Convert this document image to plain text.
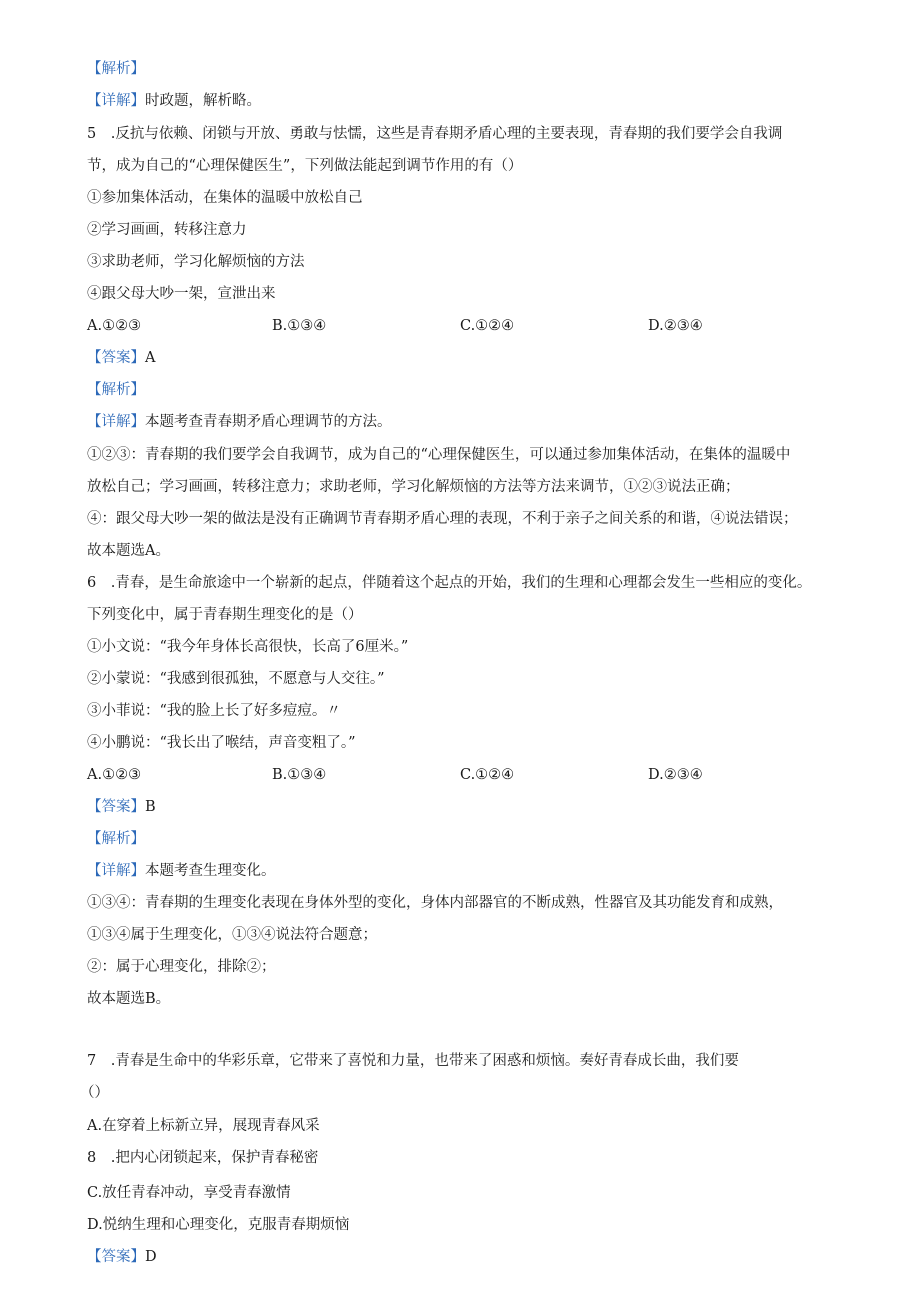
【解析】
【详解】时政题，解析略。
5　.反抗与依赖、闭锁与开放、勇敢与怯懦，这些是青春期矛盾心理的主要表现，青春期的我们要学会自我调
节，成为自己的“心理保健医生”，下列做法能起到调节作用的有（）
①参加集体活动，在集体的温暖中放松自己
②学习画画，转移注意力
③求助老师，学习化解烦恼的方法
④跟父母大吵一架，宣泄出来
A.①②③	B.①③④	C.①②④	D.②③④
【答案】A
【解析】
【详解】本题考查青春期矛盾心理调节的方法。
①②③：青春期的我们要学会自我调节，成为自己的“心理保健医生，可以通过参加集体活动，在集体的温暖中
放松自己；学习画画，转移注意力；求助老师，学习化解烦恼的方法等方法来调节，①②③说法正确；
④：跟父母大吵一架的做法是没有正确调节青春期矛盾心理的表现，不利于亲子之间关系的和谐，④说法错误；
故本题选A。
6　.青春，是生命旅途中一个崭新的起点，伴随着这个起点的开始，我们的生理和心理都会发生一些相应的变化。
下列变化中，属于青春期生理变化的是（）
①小文说：“我今年身体长高很快，长高了6厘米。”
②小蒙说：“我感到很孤独，不愿意与人交往。”
③小菲说：“我的脸上长了好多痘痘。〃
④小鹏说：“我长出了喉结，声音变粗了。”
A.①②③	B.①③④	C.①②④	D.②③④
【答案】B
【解析】
【详解】本题考查生理变化。
①③④：青春期的生理变化表现在身体外型的变化，身体内部器官的不断成熟，性器官及其功能发育和成熟，
①③④属于生理变化，①③④说法符合题意；
②：属于心理变化，排除②；
故本题选B。
7　.青春是生命中的华彩乐章，它带来了喜悦和力量，也带来了困惑和烦恼。奏好青春成长曲，我们要
（）
A.在穿着上标新立异，展现青春风采
8　.把内心闭锁起来，保护青春秘密
C.放任青春冲动，享受青春激情
D.悦纳生理和心理变化，克服青春期烦恼
【答案】D
